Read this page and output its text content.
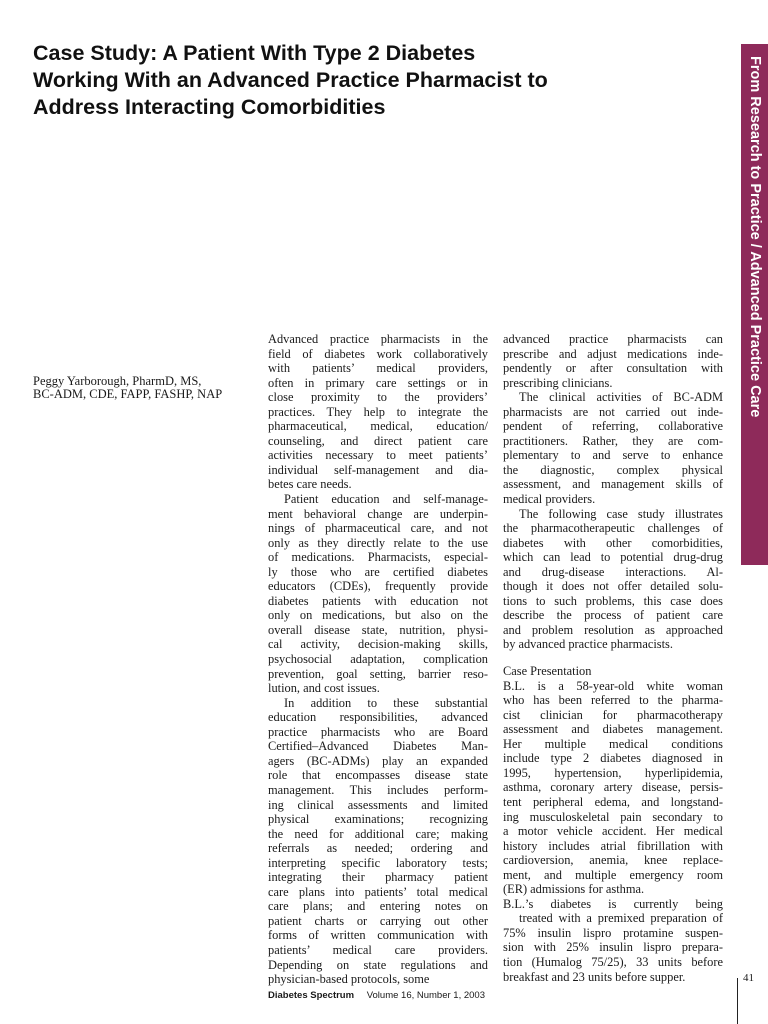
Case Study: A Patient With Type 2 Diabetes
Working With an Advanced Practice Pharmacist to
Address Interacting Comorbidities	From Research to Practice / Advanced Practice Care
Peggy Yarborough, PharmD, MS,
BC-ADM, CDE, FAPP, FASHP, NAP
Advanced practice pharmacists in the
field of diabetes work collaboratively
with patients’ medical providers,
often in primary care settings or in
close proximity to the providers’
practices. They help to integrate the
pharmaceutical, medical, education/
counseling, and direct patient care
activities necessary to meet patients’
individual self-management and dia-
betes care needs.
Patient education and self-manage-
ment behavioral change are underpin-
nings of pharmaceutical care, and not
only as they directly relate to the use
of medications. Pharmacists, especial-
ly those who are certified diabetes
educators (CDEs), frequently provide
diabetes patients with education not
only on medications, but also on the
overall disease state, nutrition, physi-
cal activity, decision-making skills,
psychosocial adaptation, complication
prevention, goal setting, barrier reso-
lution, and cost issues.
In addition to these substantial
education responsibilities, advanced
practice pharmacists who are Board
Certified–Advanced Diabetes Man-
agers (BC-ADMs) play an expanded
role that encompasses disease state
management. This includes perform-
ing clinical assessments and limited
physical examinations; recognizing
the need for additional care; making
referrals as needed; ordering and
interpreting specific laboratory tests;
integrating their pharmacy patient
care plans into patients’ total medical
care plans; and entering notes on
patient charts or carrying out other
forms of written communication with
patients’ medical care providers.
Depending on state regulations and
physician-based protocols, some
advanced practice pharmacists can
prescribe and adjust medications inde-
pendently or after consultation with
prescribing clinicians.
The clinical activities of BC-ADM
pharmacists are not carried out inde-
pendent of referring, collaborative
practitioners. Rather, they are com-
plementary to and serve to enhance
the diagnostic, complex physical
assessment, and management skills of
medical providers.
The following case study illustrates
the pharmacotherapeutic challenges of
diabetes with other comorbidities,
which can lead to potential drug-drug
and drug-disease interactions. Al-
though it does not offer detailed solu-
tions to such problems, this case does
describe the process of patient care
and problem resolution as approached
by advanced practice pharmacists.
Case Presentation
B.L. is a 58-year-old white woman
who has been referred to the pharma-
cist clinician for pharmacotherapy
assessment and diabetes management.
Her multiple medical conditions
include type 2 diabetes diagnosed in
1995, hypertension, hyperlipidemia,
asthma, coronary artery disease, persis-
tent peripheral edema, and longstand-
ing musculoskeletal pain secondary to
a motor vehicle accident. Her medical
history includes atrial fibrillation with
cardioversion, anemia, knee replace-
ment, and multiple emergency room
(ER) admissions for asthma.
B.L.’s diabetes is currently being
treated with a premixed preparation of
75% insulin lispro protamine suspen-
sion with 25% insulin lispro prepara-
tion (Humalog 75/25), 33 units before
breakfast and 23 units before supper.
Diabetes Spectrum Volume 16, Number 1, 2003
41
